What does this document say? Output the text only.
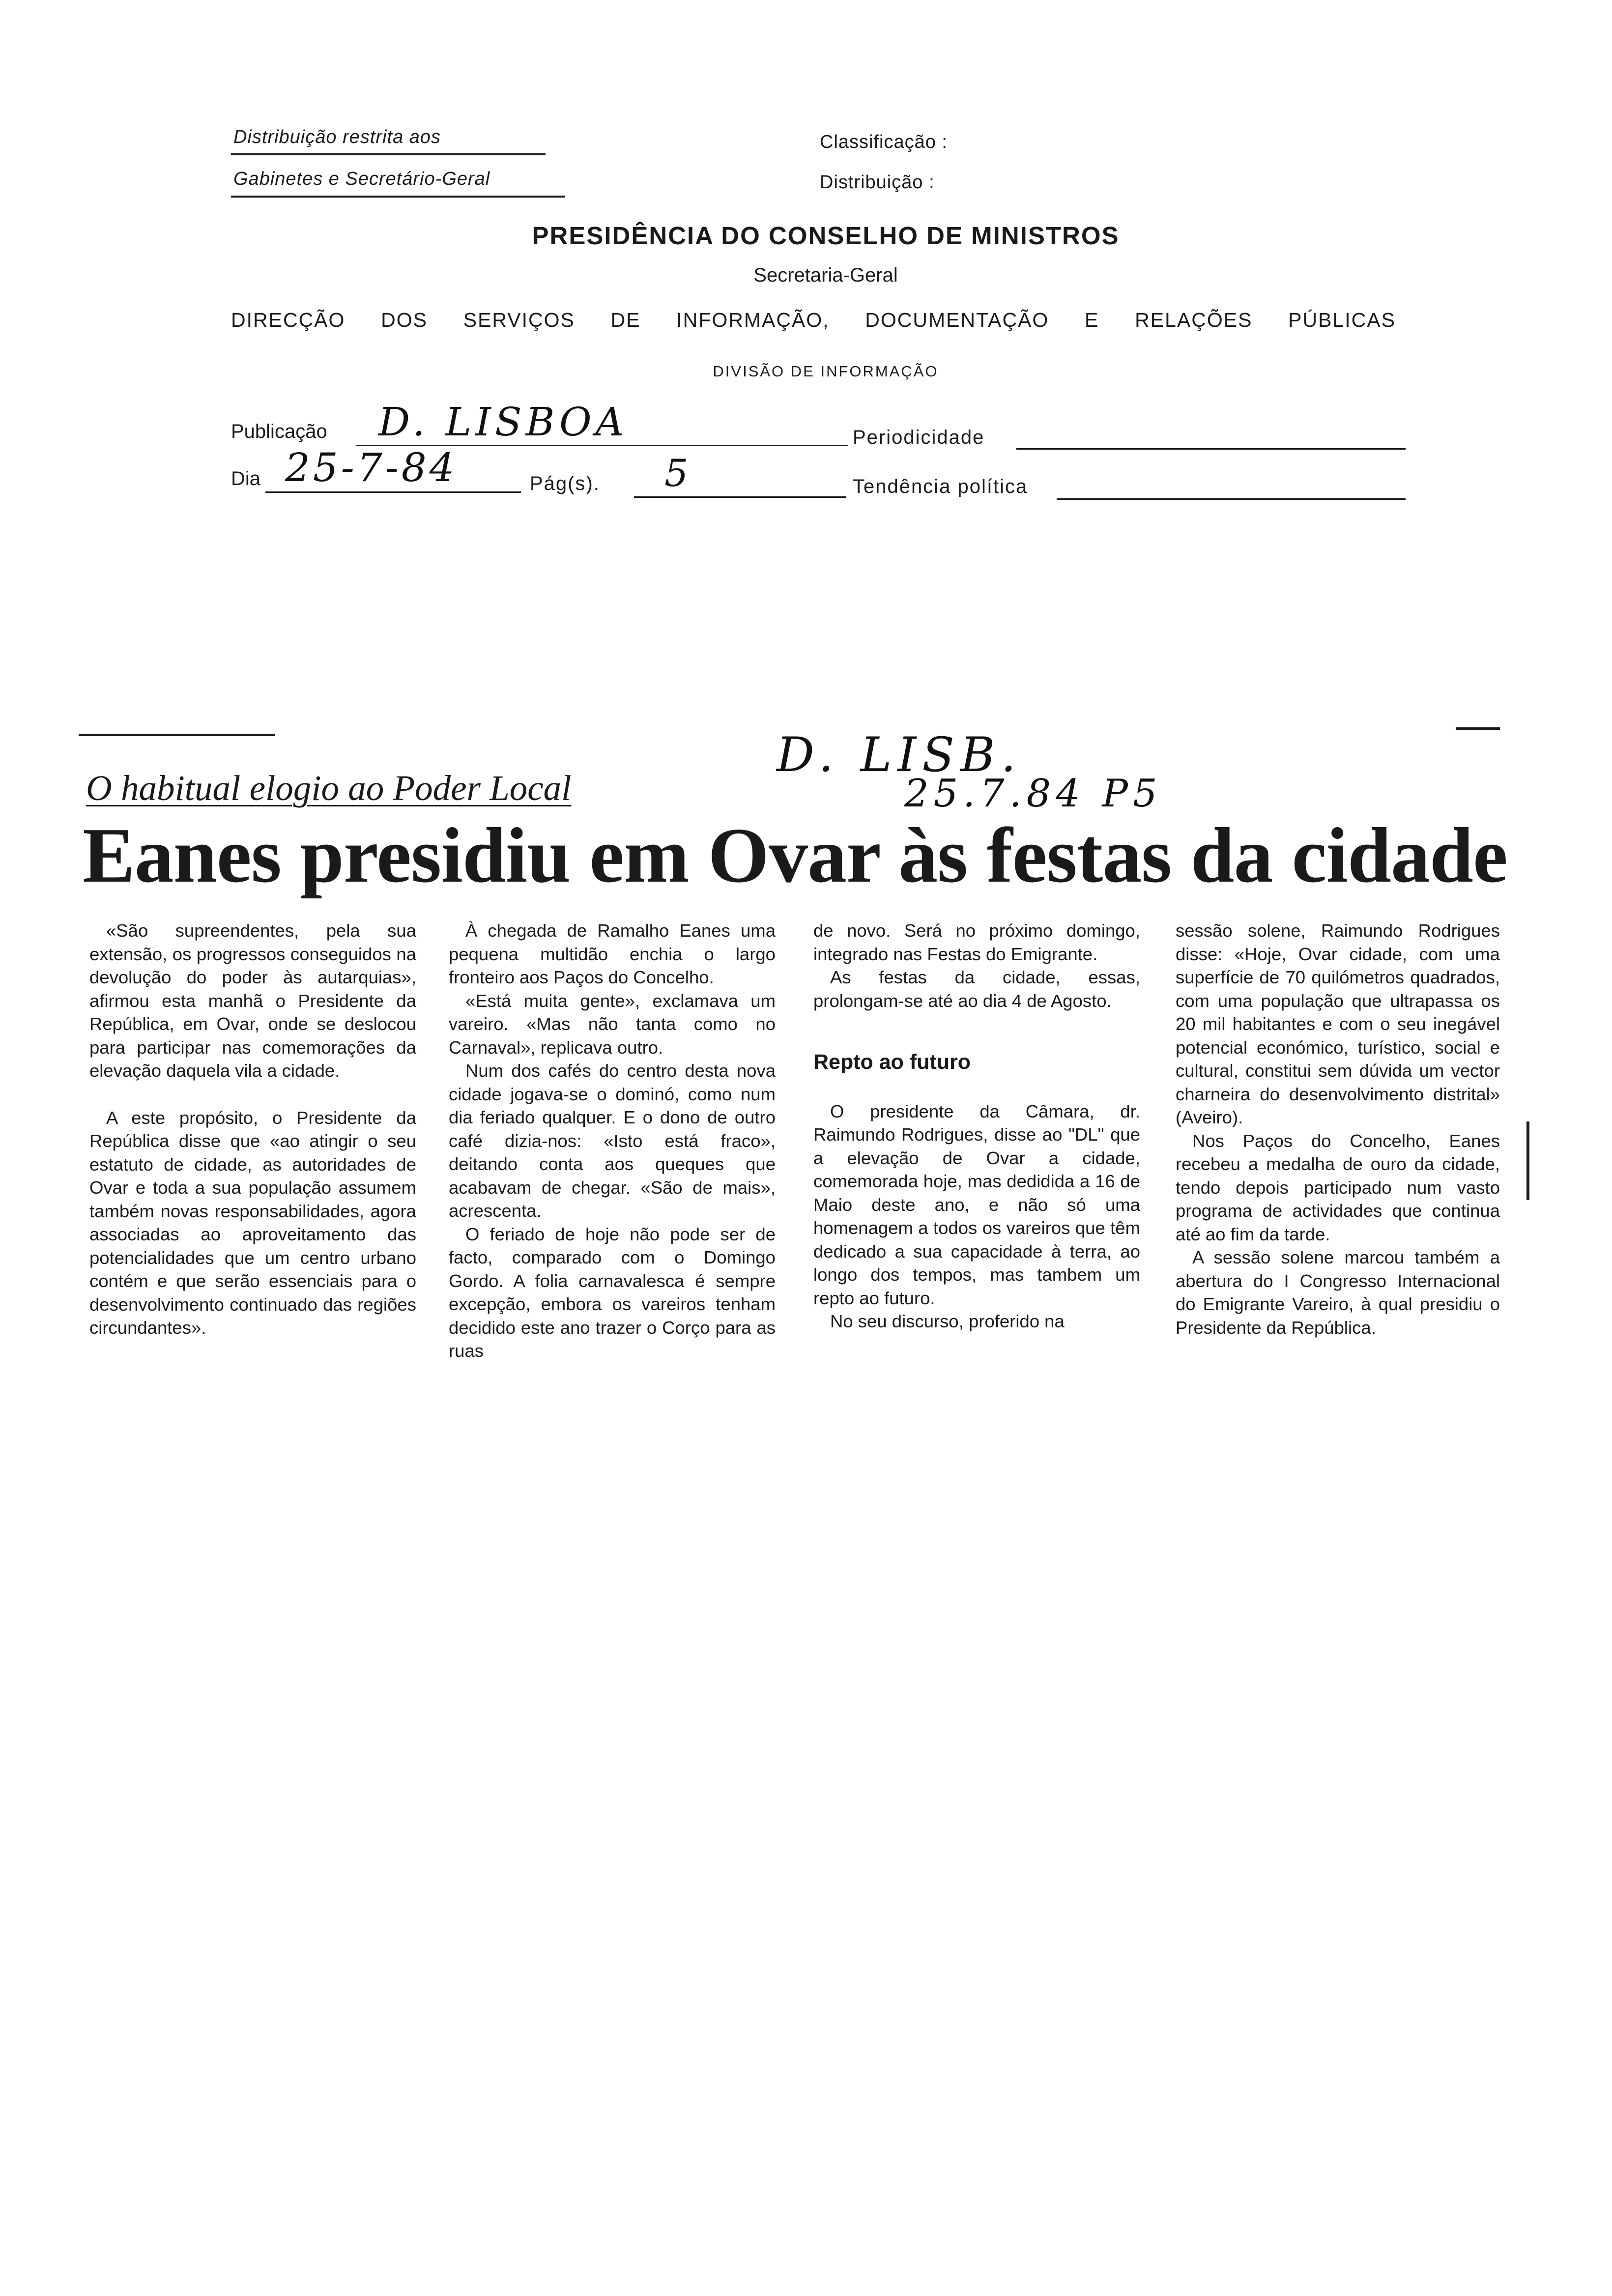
Distribuição restrita aos
Gabinetes e Secretário-Geral
Classificação :
Distribuição :
PRESIDÊNCIA DO CONSELHO DE MINISTROS
Secretaria-Geral
DIRECÇÃO DOS SERVIÇOS DE INFORMAÇÃO, DOCUMENTAÇÃO E RELAÇÕES PÚBLICAS
DIVISÃO DE INFORMAÇÃO
Publicação D. LISBOA	Periodicidade
Dia 25-7-84	Pág(s). 5	Tendência política
O habitual elogio ao Poder Local
D. LISB.
25.7.84 P5
Eanes presidiu em Ovar às festas da cidade

«São supreendentes, pela sua extensão, os progressos conseguidos na devolução do poder às autarquias», afirmou esta manhã o Presidente da República, em Ovar, onde se deslocou para participar nas comemorações da elevação daquela vila a cidade.

A este propósito, o Presidente da República disse que «ao atingir o seu estatuto de cidade, as autoridades de Ovar e toda a sua população assumem também novas responsabilidades, agora associadas ao aproveitamento das potencialidades que um centro urbano contém e que serão essenciais para o desenvolvimento continuado das regiões circundantes».

À chegada de Ramalho Eanes uma pequena multidão enchia o largo fronteiro aos Paços do Concelho.

«Está muita gente», exclamava um vareiro. «Mas não tanta como no Carnaval», replicava outro.

Num dos cafés do centro desta nova cidade jogava-se o dominó, como num dia feriado qualquer. E o dono de outro café dizia-nos: «Isto está fraco», deitando conta aos queques que acabavam de chegar. «São de mais», acrescenta.

O feriado de hoje não pode ser de facto, comparado com o Domingo Gordo. A folia carnavalesca é sempre excepção, embora os vareiros tenham decidido este ano trazer o Corço para as ruas

de novo. Será no próximo domingo, integrado nas Festas do Emigrante.

As festas da cidade, essas, prolongam-se até ao dia 4 de Agosto.

Repto ao futuro

O presidente da Câmara, dr. Raimundo Rodrigues, disse ao "DL" que a elevação de Ovar a cidade, comemorada hoje, mas dedidida a 16 de Maio deste ano, e não só uma homenagem a todos os vareiros que têm dedicado a sua capacidade à terra, ao longo dos tempos, mas tambem um repto ao futuro.

No seu discurso, proferido na

sessão solene, Raimundo Rodrigues disse: «Hoje, Ovar cidade, com uma superfície de 70 quilómetros quadrados, com uma população que ultrapassa os 20 mil habitantes e com o seu inegável potencial económico, turístico, social e cultural, constitui sem dúvida um vector charneira do desenvolvimento distrital» (Aveiro).

Nos Paços do Concelho, Eanes recebeu a medalha de ouro da cidade, tendo depois participado num vasto programa de actividades que continua até ao fim da tarde.

A sessão solene marcou também a abertura do I Congresso Internacional do Emigrante Vareiro, à qual presidiu o Presidente da República.
